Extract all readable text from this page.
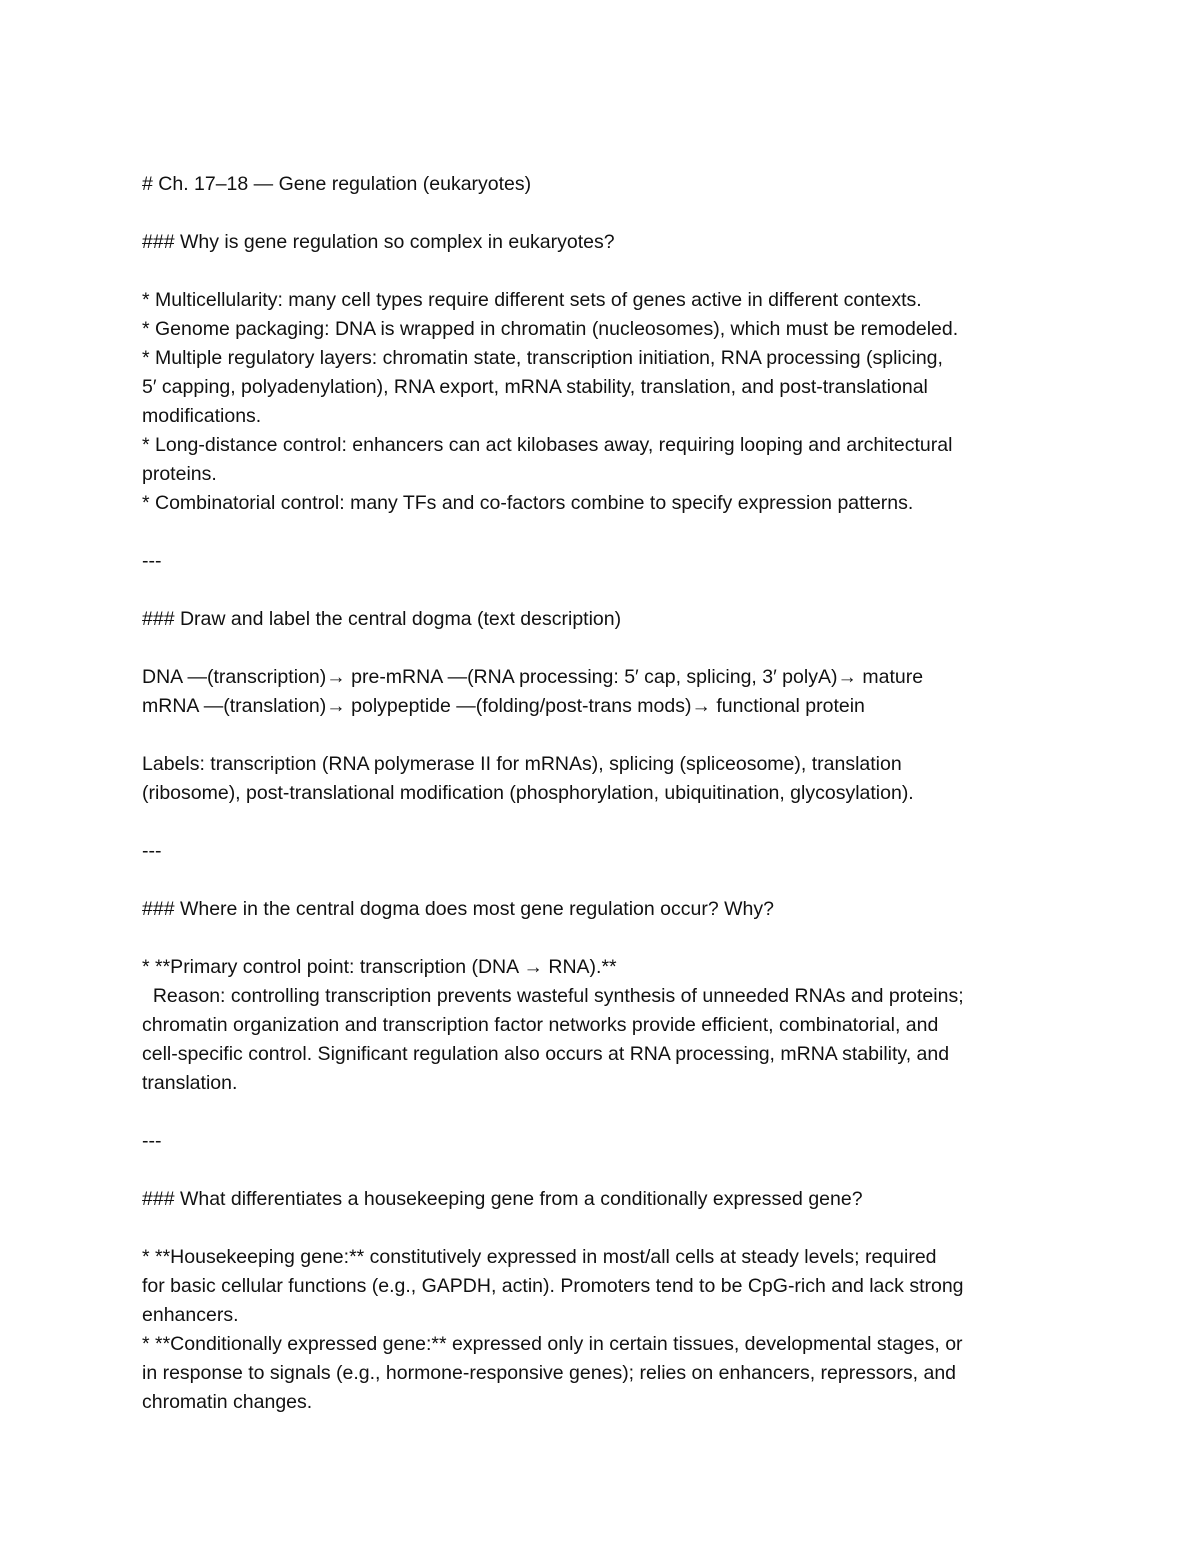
# Ch. 17–18 — Gene regulation (eukaryotes)
### Why is gene regulation so complex in eukaryotes?
* Multicellularity: many cell types require different sets of genes active in different contexts.
* Genome packaging: DNA is wrapped in chromatin (nucleosomes), which must be remodeled.
* Multiple regulatory layers: chromatin state, transcription initiation, RNA processing (splicing,
5′ capping, polyadenylation), RNA export, mRNA stability, translation, and post-translational
modifications.
* Long-distance control: enhancers can act kilobases away, requiring looping and architectural
proteins.
* Combinatorial control: many TFs and co-factors combine to specify expression patterns.
---
### Draw and label the central dogma (text description)
DNA —(transcription)→ pre-mRNA —(RNA processing: 5′ cap, splicing, 3′ polyA)→ mature
mRNA —(translation)→ polypeptide —(folding/post-trans mods)→ functional protein
Labels: transcription (RNA polymerase II for mRNAs), splicing (spliceosome), translation
(ribosome), post-translational modification (phosphorylation, ubiquitination, glycosylation).
---
### Where in the central dogma does most gene regulation occur? Why?
* **Primary control point: transcription (DNA → RNA).**
Reason: controlling transcription prevents wasteful synthesis of unneeded RNAs and proteins;
chromatin organization and transcription factor networks provide efficient, combinatorial, and
cell-specific control. Significant regulation also occurs at RNA processing, mRNA stability, and
translation.
---
### What differentiates a housekeeping gene from a conditionally expressed gene?
* **Housekeeping gene:** constitutively expressed in most/all cells at steady levels; required
for basic cellular functions (e.g., GAPDH, actin). Promoters tend to be CpG-rich and lack strong
enhancers.
* **Conditionally expressed gene:** expressed only in certain tissues, developmental stages, or
in response to signals (e.g., hormone-responsive genes); relies on enhancers, repressors, and
chromatin changes.
